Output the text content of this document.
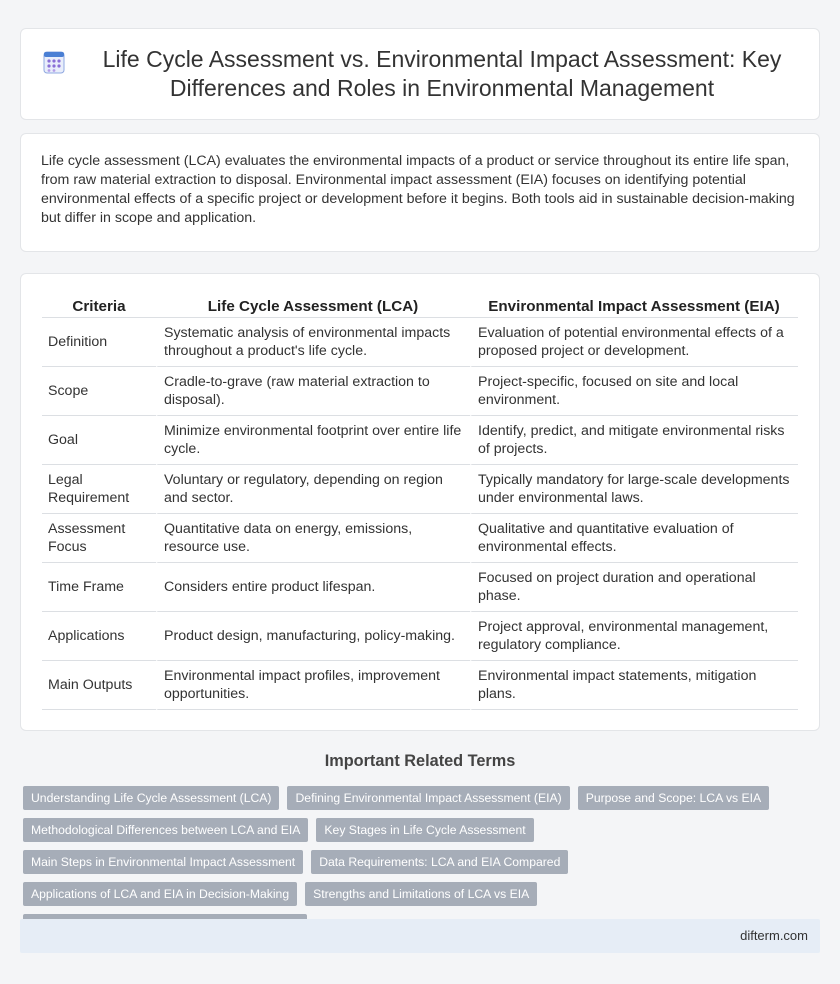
Life Cycle Assessment vs. Environmental Impact Assessment: Key Differences and Roles in Environmental Management

Life cycle assessment (LCA) evaluates the environmental impacts of a product or service throughout its entire life span, from raw material extraction to disposal. Environmental impact assessment (EIA) focuses on identifying potential environmental effects of a specific project or development before it begins. Both tools aid in sustainable decision-making but differ in scope and application.

Criteria	Life Cycle Assessment (LCA)	Environmental Impact Assessment (EIA)
Definition	Systematic analysis of environmental impacts throughout a product's life cycle.	Evaluation of potential environmental effects of a proposed project or development.
Scope	Cradle-to-grave (raw material extraction to disposal).	Project-specific, focused on site and local environment.
Goal	Minimize environmental footprint over entire life cycle.	Identify, predict, and mitigate environmental risks of projects.
Legal Requirement	Voluntary or regulatory, depending on region and sector.	Typically mandatory for large-scale developments under environmental laws.
Assessment Focus	Quantitative data on energy, emissions, resource use.	Qualitative and quantitative evaluation of environmental effects.
Time Frame	Considers entire product lifespan.	Focused on project duration and operational phase.
Applications	Product design, manufacturing, policy-making.	Project approval, environmental management, regulatory compliance.
Main Outputs	Environmental impact profiles, improvement opportunities.	Environmental impact statements, mitigation plans.
Important Related Terms
Understanding Life Cycle Assessment (LCA)	Defining Environmental Impact Assessment (EIA)	Purpose and Scope: LCA vs EIA
Methodological Differences between LCA and EIA	Key Stages in Life Cycle Assessment
Main Steps in Environmental Impact Assessment	Data Requirements: LCA and EIA Compared
Applications of LCA and EIA in Decision-Making	Strengths and Limitations of LCA vs EIA
difterm.com
